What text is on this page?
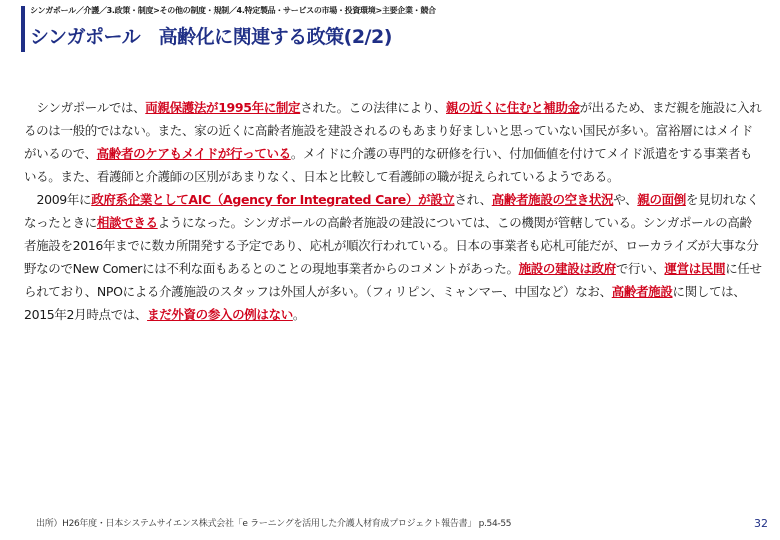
シンガポール／介護／3.政策・制度>その他の制度・規制／4.特定製品・サービスの市場・投資環境>主要企業・競合
シンガポール　高齢化に関連する政策(2/2)

シンガポールでは、両親保護法が1995年に制定された。この法律により、親の近くに住むと補助金が出るため、まだ親を施設に入れるのは一般的ではない。また、家の近くに高齢者施設を建設されるのもあまり好ましいと思っていない国民が多い。富裕層にはメイドがいるので、高齢者のケアもメイドが行っている。メイドに介護の専門的な研修を行い、付加価値を付けてメイド派遣をする事業者もいる。また、看護師と介護師の区別があまりなく、日本と比較して看護師の職が捉えられているようである。

2009年に政府系企業としてAIC（Agency for Integrated Care）が設立され、高齢者施設の空き状況や、親の面倒を見切れなくなったときに相談できるようになった。シンガポールの高齢者施設の建設については、この機関が管轄している。シンガポールの高齢者施設を2016年までに数カ所開発する予定であり、応札が順次行われている。日本の事業者も応札可能だが、ローカライズが大事な分野なのでNew Comerには不利な面もあるとのことの現地事業者からのコメントがあった。施設の建設は政府で行い、運営は民間に任せられており、NPOによる介護施設のスタッフは外国人が多い。（フィリピン、ミャンマー、中国など）なお、高齢者施設に関しては、2015年2月時点では、まだ外資の参入の例はない。

出所）H26年度・日本システムサイエンス株式会社「e ラーニングを活用した介護人材育成プロジェクト報告書」 p.54-55	32
